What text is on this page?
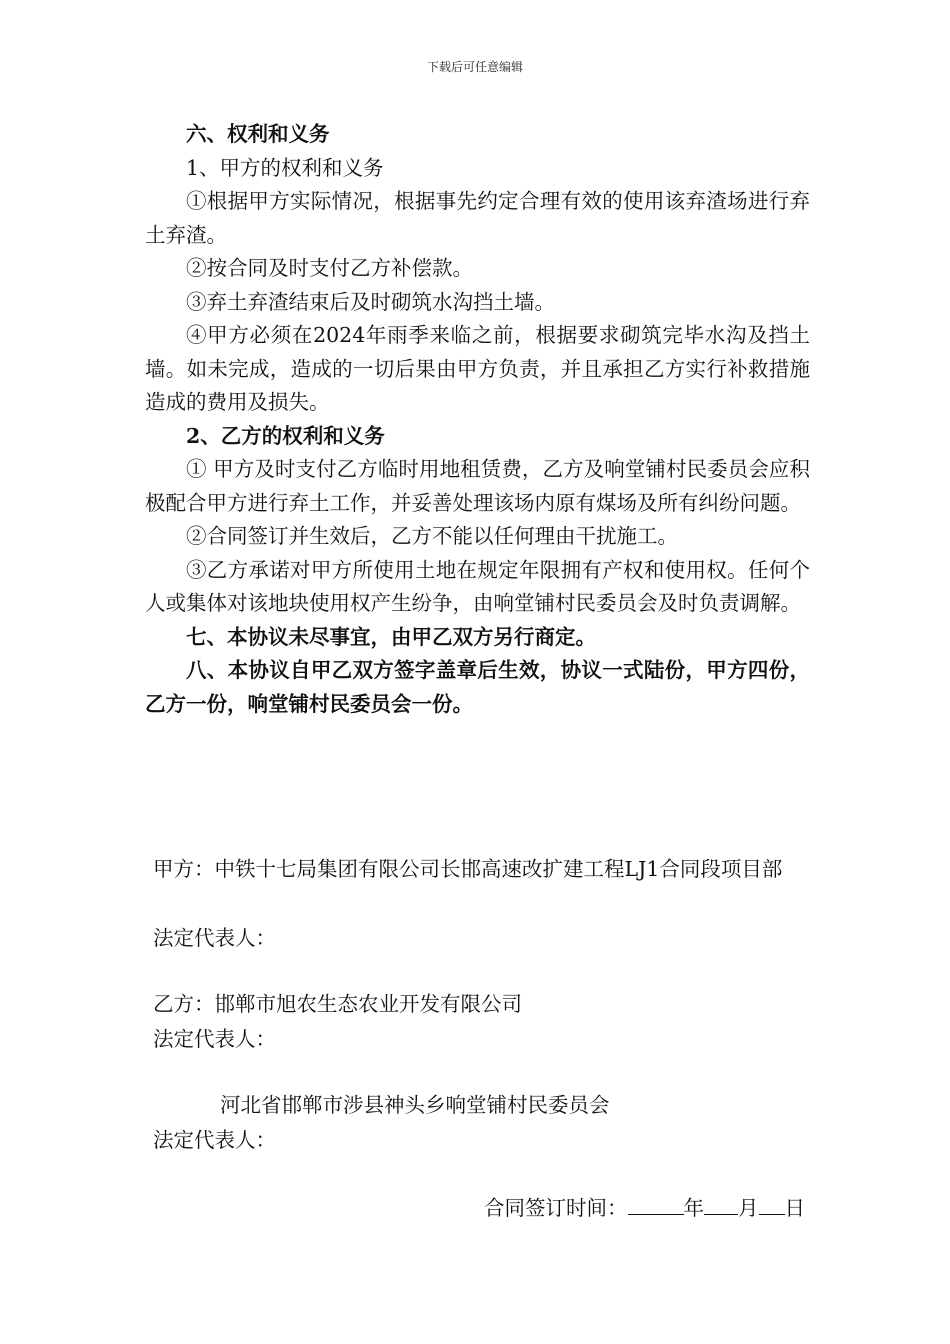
下载后可任意编辑

六、权利和义务

1、甲方的权利和义务

①根据甲方实际情况，根据事先约定合理有效的使用该弃渣场进行弃土弃渣。

②按合同及时支付乙方补偿款。

③弃土弃渣结束后及时砌筑水沟挡土墙。

④甲方必须在2024年雨季来临之前，根据要求砌筑完毕水沟及挡土墙。如未完成，造成的一切后果由甲方负责，并且承担乙方实行补救措施造成的费用及损失。

2、乙方的权利和义务

① 甲方及时支付乙方临时用地租赁费，乙方及响堂铺村民委员会应积极配合甲方进行弃土工作，并妥善处理该场内原有煤场及所有纠纷问题。

②合同签订并生效后，乙方不能以任何理由干扰施工。

③乙方承诺对甲方所使用土地在规定年限拥有产权和使用权。任何个人或集体对该地块使用权产生纷争，由响堂铺村民委员会及时负责调解。

七、本协议未尽事宜，由甲乙双方另行商定。

八、本协议自甲乙双方签字盖章后生效，协议一式陆份，甲方四份，乙方一份，响堂铺村民委员会一份。

甲方：中铁十七局集团有限公司长邯高速改扩建工程LJ1合同段项目部
法定代表人：
乙方：邯郸市旭农生态农业开发有限公司
法定代表人：
河北省邯郸市涉县神头乡响堂铺村民委员会
法定代表人：
合同签订时间：	年 月 日
